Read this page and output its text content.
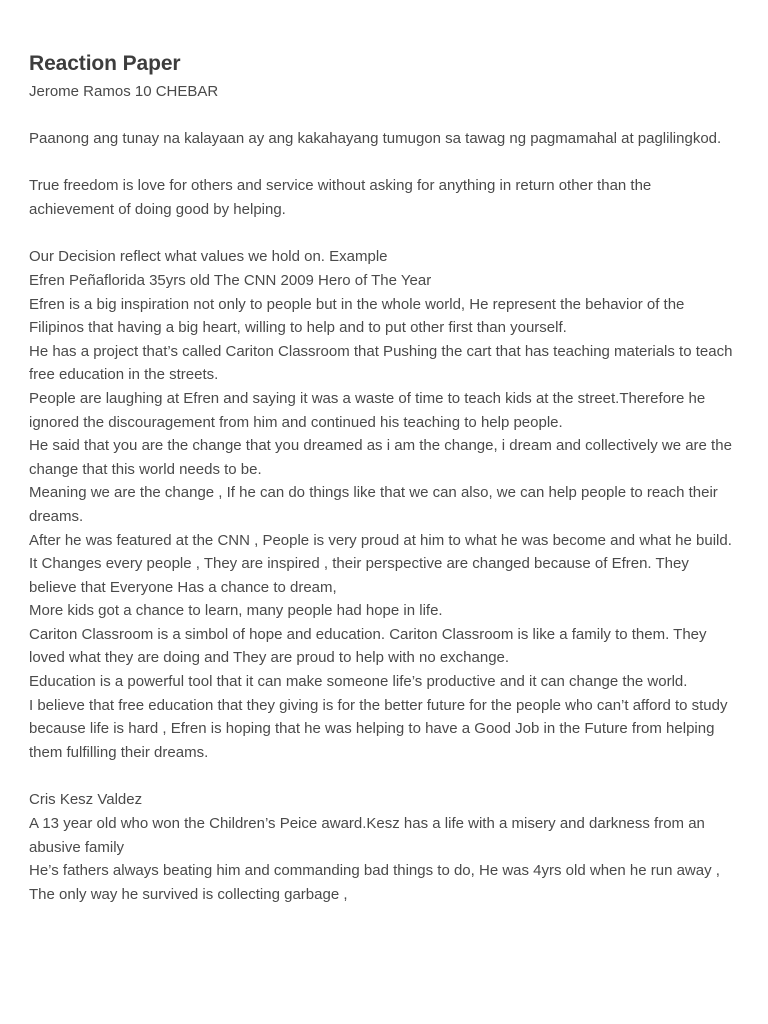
Reaction Paper
Jerome Ramos 10 CHEBAR

Paanong ang tunay na kalayaan ay ang kakahayang tumugon sa tawag ng pagmamahal at paglilingkod.

True freedom is love for others and service without asking for anything in return other than the achievement of doing good by helping.

Our Decision reflect what values we hold on. Example

Efren Peñaflorida 35yrs old The CNN 2009 Hero of The Year

Efren is a big inspiration not only to people but in the whole world, He represent the behavior of the Filipinos that having a big heart, willing to help and to put other first than yourself.

He has a project that’s called Cariton Classroom that Pushing the cart that has teaching materials to teach free education in the streets.

People are laughing at Efren and saying it was a waste of time to teach kids at the street.Therefore he ignored the discouragement from him and continued his teaching to help people.

He said that you are the change that you dreamed as i am the change, i dream and collectively we are the change that this world needs to be.

Meaning we are the change , If he can do things like that we can also, we can help people to reach their dreams.

After he was featured at the CNN , People is very proud at him to what he was become and what he build.

It Changes every people , They are inspired , their perspective are changed because of Efren. They believe that Everyone Has a chance to dream,

More kids got a chance to learn, many people had hope in life.

Cariton Classroom is a simbol of hope and education. Cariton Classroom is like a family to them. They loved what they are doing and They are proud to help with no exchange.

Education is a powerful tool that it can make someone life’s productive and it can change the world.

I believe that free education that they giving is for the better future for the people who can’t afford to study because life is hard , Efren is hoping that he was helping to have a Good Job in the Future from helping them fulfilling their dreams.

Cris Kesz Valdez

A 13 year old who won the Children’s Peice award.Kesz has a life with a misery and darkness from an abusive family

He’s fathers always beating him and commanding bad things to do, He was 4yrs old when he run away , The only way he survived is collecting garbage ,
